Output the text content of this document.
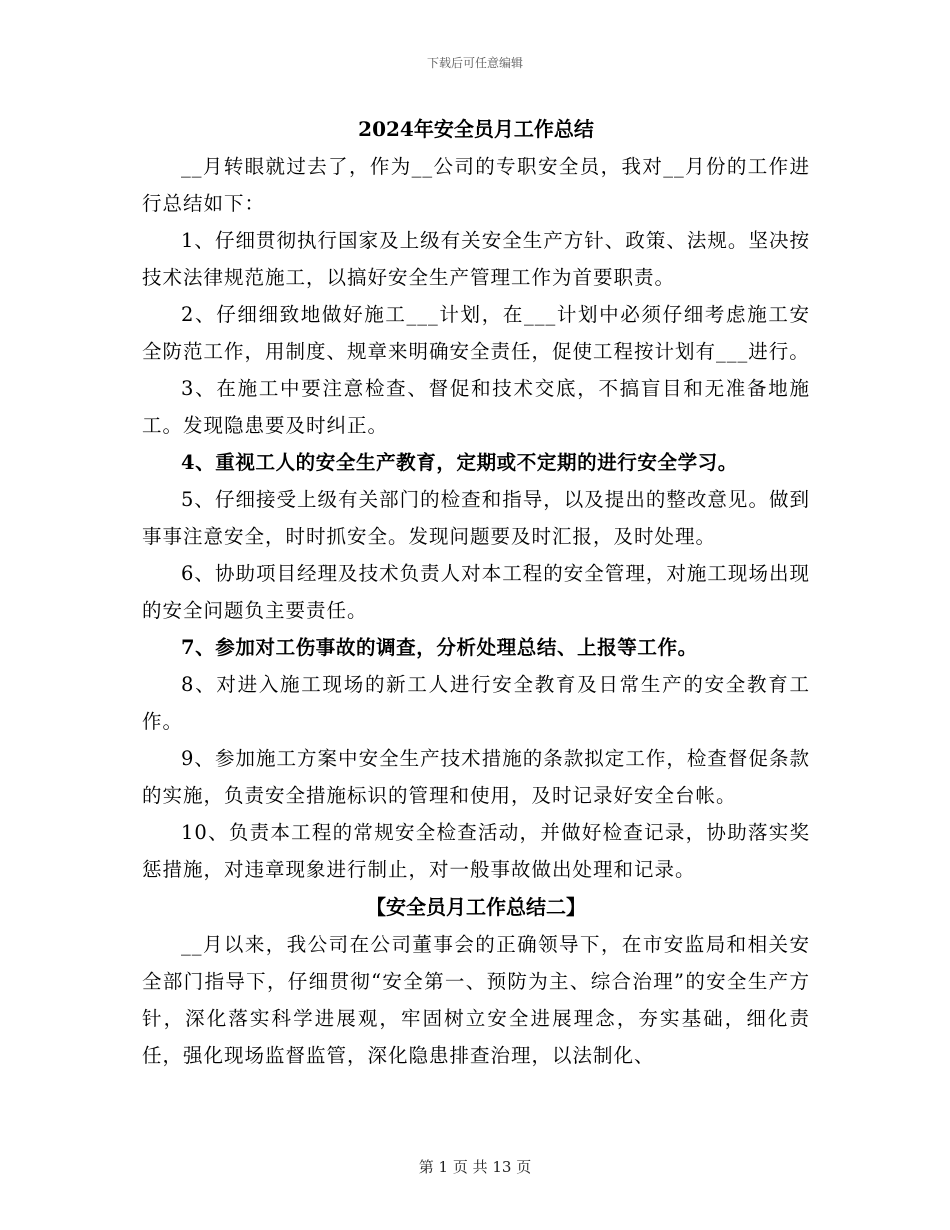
下载后可任意编辑

2024年安全员月工作总结

__月转眼就过去了，作为__公司的专职安全员，我对__月份的工作进行总结如下：

1、仔细贯彻执行国家及上级有关安全生产方针、政策、法规。坚决按技术法律规范施工，以搞好安全生产管理工作为首要职责。

2、仔细细致地做好施工___计划，在___计划中必须仔细考虑施工安全防范工作，用制度、规章来明确安全责任，促使工程按计划有___进行。

3、在施工中要注意检查、督促和技术交底，不搞盲目和无准备地施工。发现隐患要及时纠正。

4、重视工人的安全生产教育，定期或不定期的进行安全学习。

5、仔细接受上级有关部门的检查和指导，以及提出的整改意见。做到事事注意安全，时时抓安全。发现问题要及时汇报，及时处理。

6、协助项目经理及技术负责人对本工程的安全管理，对施工现场出现的安全问题负主要责任。

7、参加对工伤事故的调查，分析处理总结、上报等工作。

8、对进入施工现场的新工人进行安全教育及日常生产的安全教育工作。

9、参加施工方案中安全生产技术措施的条款拟定工作，检查督促条款的实施，负责安全措施标识的管理和使用，及时记录好安全台帐。

10、负责本工程的常规安全检查活动，并做好检查记录，协助落实奖惩措施，对违章现象进行制止，对一般事故做出处理和记录。

【安全员月工作总结二】

__月以来，我公司在公司董事会的正确领导下，在市安监局和相关安全部门指导下，仔细贯彻“安全第一、预防为主、综合治理”的安全生产方针，深化落实科学进展观，牢固树立安全进展理念，夯实基础，细化责任，强化现场监督监管，深化隐患排查治理，以法制化、

第 1 页 共 13 页
